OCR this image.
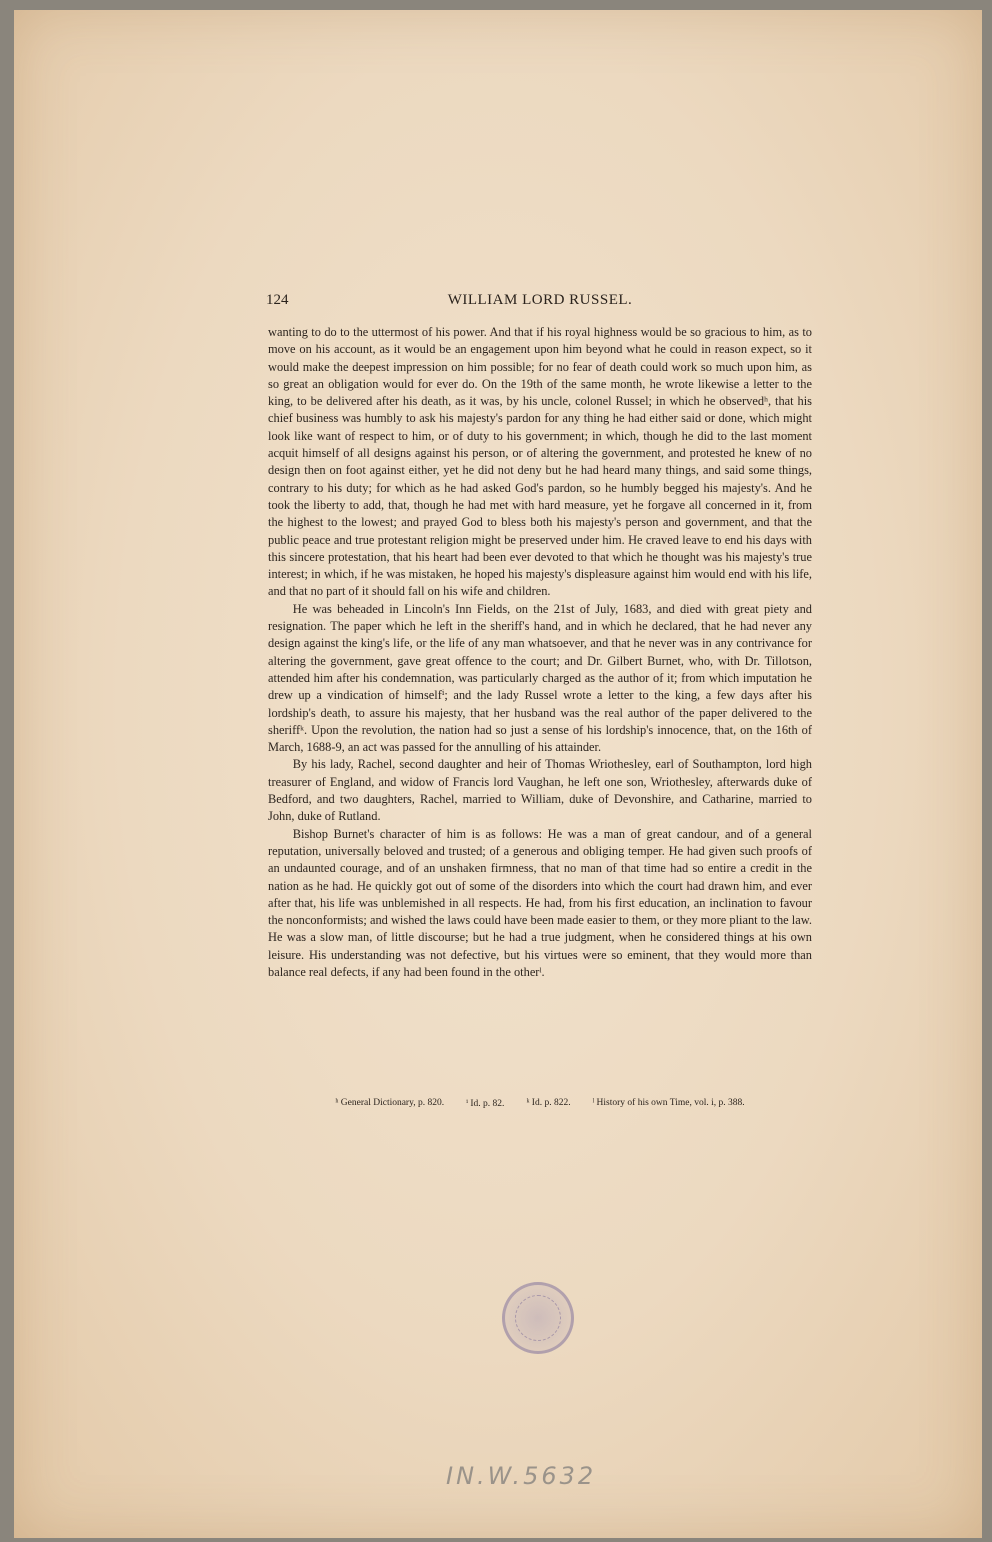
124	WILLIAM LORD RUSSEL.

wanting to do to the uttermost of his power. And that if his royal highness would be so gracious to him, as to move on his account, as it would be an engagement upon him beyond what he could in reason expect, so it would make the deepest impression on him possible; for no fear of death could work so much upon him, as so great an obligation would for ever do. On the 19th of the same month, he wrote likewise a letter to the king, to be delivered after his death, as it was, by his uncle, colonel Russel; in which he observedʰ, that his chief business was humbly to ask his majesty's pardon for any thing he had either said or done, which might look like want of respect to him, or of duty to his government; in which, though he did to the last moment acquit himself of all designs against his person, or of altering the government, and protested he knew of no design then on foot against either, yet he did not deny but he had heard many things, and said some things, contrary to his duty; for which as he had asked God's pardon, so he humbly begged his majesty's. And he took the liberty to add, that, though he had met with hard measure, yet he forgave all concerned in it, from the highest to the lowest; and prayed God to bless both his majesty's person and government, and that the public peace and true protestant religion might be preserved under him. He craved leave to end his days with this sincere protestation, that his heart had been ever devoted to that which he thought was his majesty's true interest; in which, if he was mistaken, he hoped his majesty's displeasure against him would end with his life, and that no part of it should fall on his wife and children.

He was beheaded in Lincoln's Inn Fields, on the 21st of July, 1683, and died with great piety and resignation. The paper which he left in the sheriff's hand, and in which he declared, that he had never any design against the king's life, or the life of any man whatsoever, and that he never was in any contrivance for altering the government, gave great offence to the court; and Dr. Gilbert Burnet, who, with Dr. Tillotson, attended him after his condemnation, was particularly charged as the author of it; from which imputation he drew up a vindication of himselfⁱ; and the lady Russel wrote a letter to the king, a few days after his lordship's death, to assure his majesty, that her husband was the real author of the paper delivered to the sheriffᵏ. Upon the revolution, the nation had so just a sense of his lordship's innocence, that, on the 16th of March, 1688-9, an act was passed for the annulling of his attainder.

By his lady, Rachel, second daughter and heir of Thomas Wriothesley, earl of Southampton, lord high treasurer of England, and widow of Francis lord Vaughan, he left one son, Wriothesley, afterwards duke of Bedford, and two daughters, Rachel, married to William, duke of Devonshire, and Catharine, married to John, duke of Rutland.

Bishop Burnet's character of him is as follows: He was a man of great candour, and of a general reputation, universally beloved and trusted; of a generous and obliging temper. He had given such proofs of an undaunted courage, and of an unshaken firmness, that no man of that time had so entire a credit in the nation as he had. He quickly got out of some of the disorders into which the court had drawn him, and ever after that, his life was unblemished in all respects. He had, from his first education, an inclination to favour the nonconformists; and wished the laws could have been made easier to them, or they more pliant to the law. He was a slow man, of little discourse; but he had a true judgment, when he considered things at his own leisure. His understanding was not defective, but his virtues were so eminent, that they would more than balance real defects, if any had been found in the otherˡ.

ʰ General Dictionary, p. 820. ⁱ Id. p. 82. ᵏ Id. p. 822. ˡ History of his own Time, vol. i, p. 388.
IN.W.5632
